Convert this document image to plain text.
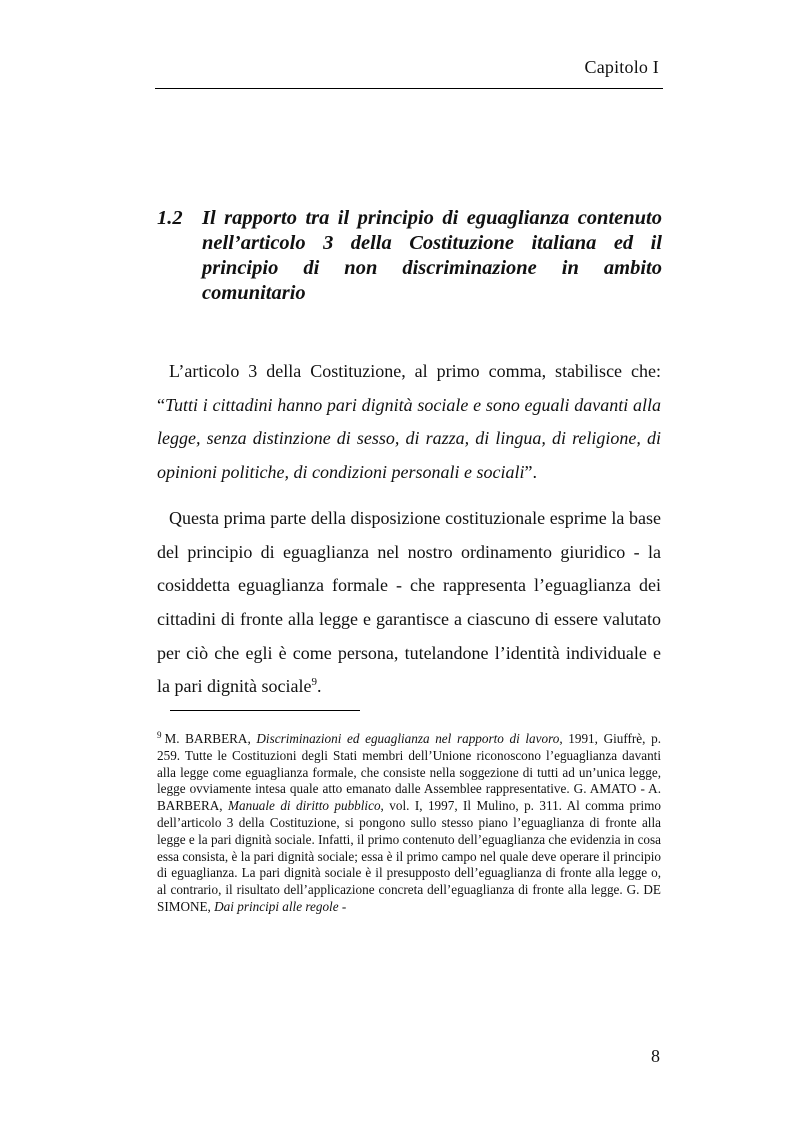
Capitolo I
1.2 Il rapporto tra il principio di eguaglianza contenuto nell’articolo 3 della Costituzione italiana ed il principio di non discriminazione in ambito comunitario

L’articolo 3 della Costituzione, al primo comma, stabilisce che: “Tutti i cittadini hanno pari dignità sociale e sono eguali davanti alla legge, senza distinzione di sesso, di razza, di lingua, di religione, di opinioni politiche, di condizioni personali e sociali”.

Questa prima parte della disposizione costituzionale esprime la base del principio di eguaglianza nel nostro ordinamento giuridico - la cosiddetta eguaglianza formale - che rappresenta l’eguaglianza dei cittadini di fronte alla legge e garantisce a ciascuno di essere valutato per ciò che egli è come persona, tutelandone l’identità individuale e la pari dignità sociale$^9$.

$^9$ M. BARBERA, Discriminazioni ed eguaglianza nel rapporto di lavoro, 1991, Giuffrè, p. 259. Tutte le Costituzioni degli Stati membri dell’Unione riconoscono l’eguaglianza davanti alla legge come eguaglianza formale, che consiste nella soggezione di tutti ad un’unica legge, legge ovviamente intesa quale atto emanato dalle Assemblee rappresentative. G. AMATO - A. BARBERA, Manuale di diritto pubblico, vol. I, 1997, Il Mulino, p. 311. Al comma primo dell’articolo 3 della Costituzione, si pongono sullo stesso piano l’eguaglianza di fronte alla legge e la pari dignità sociale. Infatti, il primo contenuto dell’eguaglianza che evidenzia in cosa essa consista, è la pari dignità sociale; essa è il primo campo nel quale deve operare il principio di eguaglianza. La pari dignità sociale è il presupposto dell’eguaglianza di fronte alla legge o, al contrario, il risultato dell’applicazione concreta dell’eguaglianza di fronte alla legge. G. DE SIMONE, Dai principi alle regole -
8
